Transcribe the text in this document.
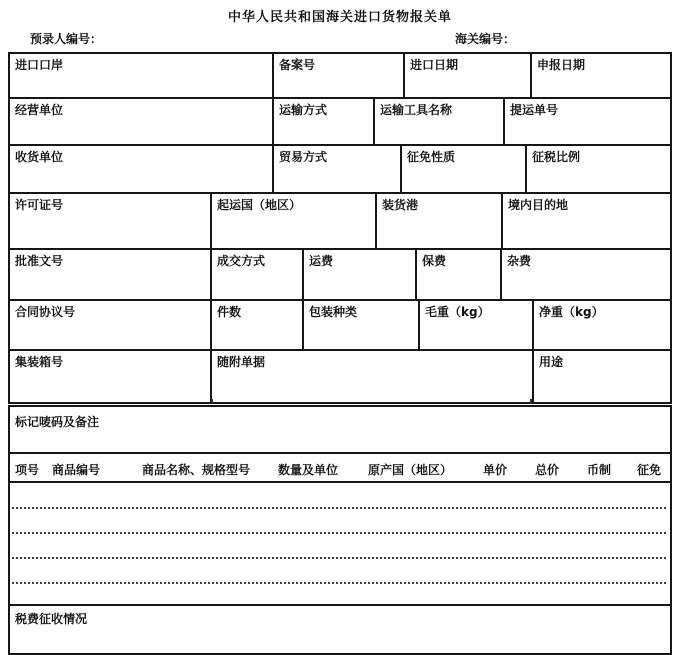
中华人民共和国海关进口货物报关单
预录人编号：	海关编号：
进口口岸	备案号	进口日期	申报日期
经营单位	运输方式	运输工具名称	提运单号
收货单位	贸易方式	征免性质	征税比例
许可证号	起运国（地区）	装货港	境内目的地
批准文号	成交方式	运费	保费	杂费
合同协议号	件数	包装种类	毛重（kg）	净重（kg）
集装箱号	随附单据	用途
标记唛码及备注
项号 商品编号	商品名称、规格型号 数量及单位 原产国（地区）	单价 总价 币制 征免
税费征收情况
